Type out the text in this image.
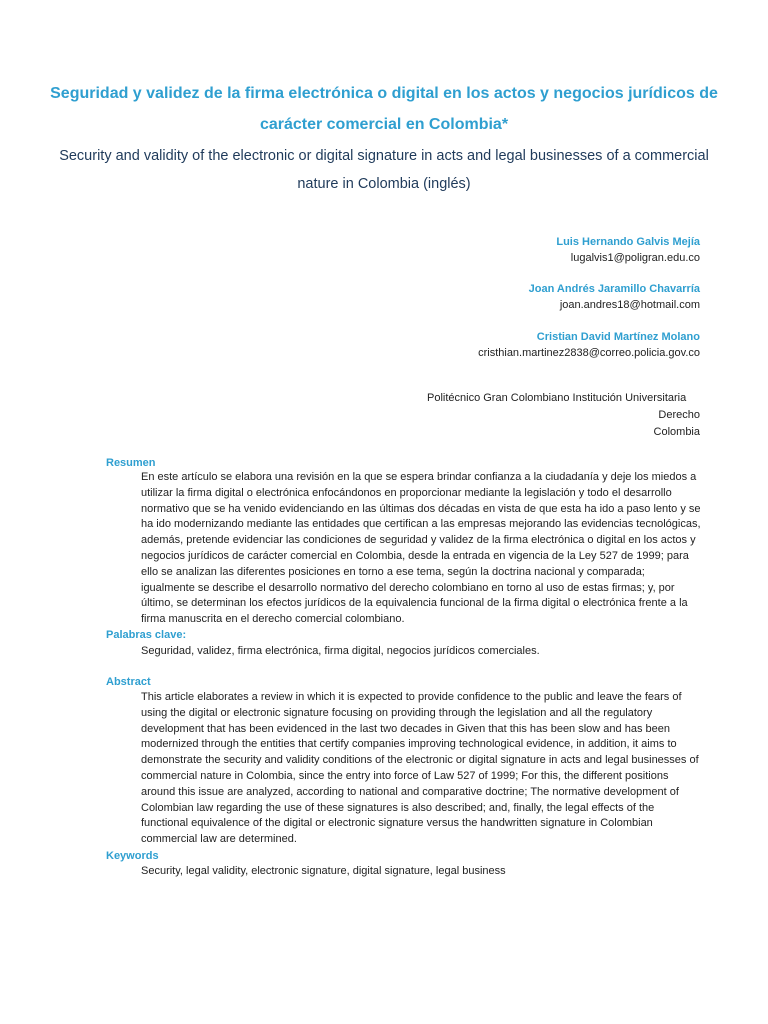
Seguridad y validez de la firma electrónica o digital en los actos y negocios jurídicos de carácter comercial en Colombia*
Security and validity of the electronic or digital signature in acts and legal businesses of a commercial nature in Colombia (inglés)
Luis Hernando Galvis Mejía
lugalvis1@poligran.edu.co
Joan Andrés Jaramillo Chavarría
joan.andres18@hotmail.com
Cristian David Martínez Molano
cristhian.martinez2838@correo.policia.gov.co
Politécnico Gran Colombiano Institución Universitaria
Derecho
Colombia
Resumen
En este artículo se elabora una revisión en la que se espera brindar confianza a la ciudadanía y deje los miedos a utilizar la firma digital o electrónica enfocándonos en proporcionar mediante la legislación y todo el desarrollo normativo que se ha venido evidenciando en las últimas dos décadas en vista de que esta ha ido a paso lento y se ha ido modernizando mediante las entidades que certifican a las empresas mejorando las evidencias tecnológicas, además, pretende evidenciar las condiciones de seguridad y validez de la firma electrónica o digital en los actos y negocios jurídicos de carácter comercial en Colombia, desde la entrada en vigencia de la Ley 527 de 1999; para ello se analizan las diferentes posiciones en torno a ese tema, según la doctrina nacional y comparada; igualmente se describe el desarrollo normativo del derecho colombiano en torno al uso de estas firmas; y, por último, se determinan los efectos jurídicos de la equivalencia funcional de la firma digital o electrónica frente a la firma manuscrita en el derecho comercial colombiano.
Palabras clave:
Seguridad, validez, firma electrónica, firma digital, negocios jurídicos comerciales.
Abstract
This article elaborates a review in which it is expected to provide confidence to the public and leave the fears of using the digital or electronic signature focusing on providing through the legislation and all the regulatory development that has been evidenced in the last two decades in Given that this has been slow and has been modernized through the entities that certify companies improving technological evidence, in addition, it aims to demonstrate the security and validity conditions of the electronic or digital signature in acts and legal businesses of commercial nature in Colombia, since the entry into force of Law 527 of 1999; For this, the different positions around this issue are analyzed, according to national and comparative doctrine; The normative development of Colombian law regarding the use of these signatures is also described; and, finally, the legal effects of the functional equivalence of the digital or electronic signature versus the handwritten signature in Colombian commercial law are determined.
Keywords
Security, legal validity, electronic signature, digital signature, legal business
